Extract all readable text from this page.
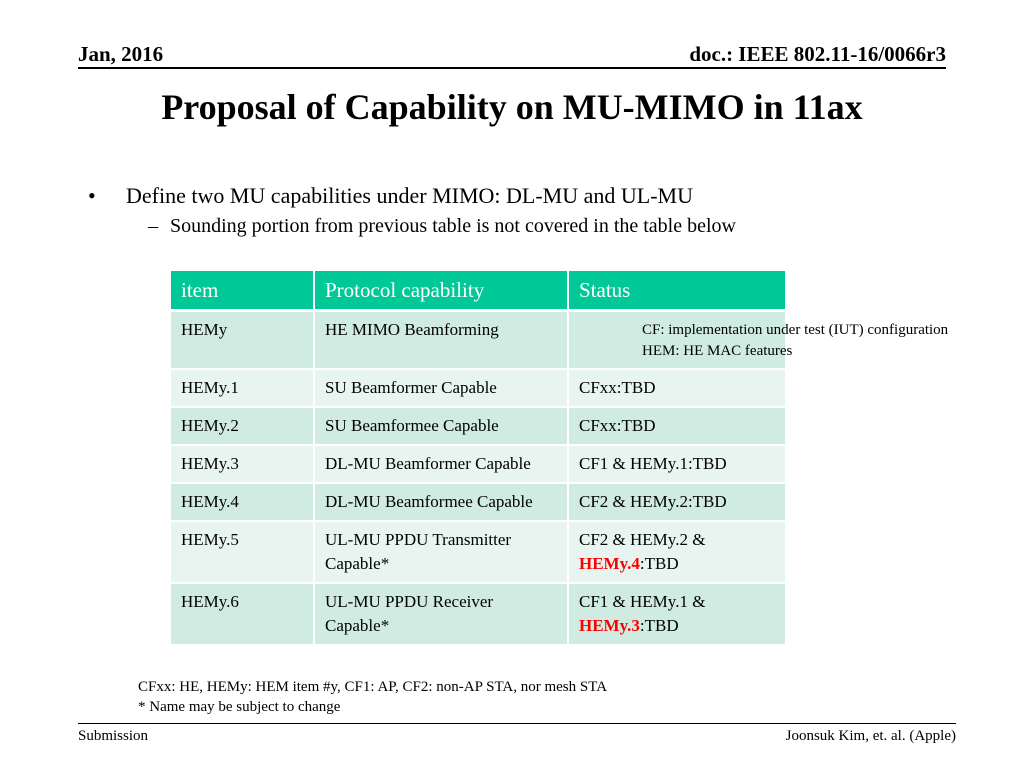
Jan, 2016	doc.: IEEE 802.11-16/0066r3
Proposal of Capability on MU-MIMO in 11ax
• Define two MU capabilities under MIMO: DL-MU and UL-MU
– Sounding portion from previous table is not covered in the table below
item	Protocol capability	Status
HEMy	HE MIMO Beamforming	
HEMy.1	SU Beamformer Capable	CFxx:TBD
HEMy.2	SU Beamformee Capable	CFxx:TBD
HEMy.3	DL-MU Beamformer Capable	CF1 & HEMy.1:TBD
HEMy.4	DL-MU Beamformee Capable	CF2 & HEMy.2:TBD
HEMy.5	UL-MU PPDU Transmitter Capable*	CF2 & HEMy.2 &
HEMy.4:TBD
HEMy.6	UL-MU PPDU Receiver Capable*	CF1 & HEMy.1 &
HEMy.3:TBD
CF: implementation under test (IUT) configuration
HEM: HE MAC features
CFxx: HE, HEMy: HEM item #y, CF1: AP, CF2: non-AP STA, nor mesh STA
* Name may be subject to change
Submission	Joonsuk Kim, et. al. (Apple)
